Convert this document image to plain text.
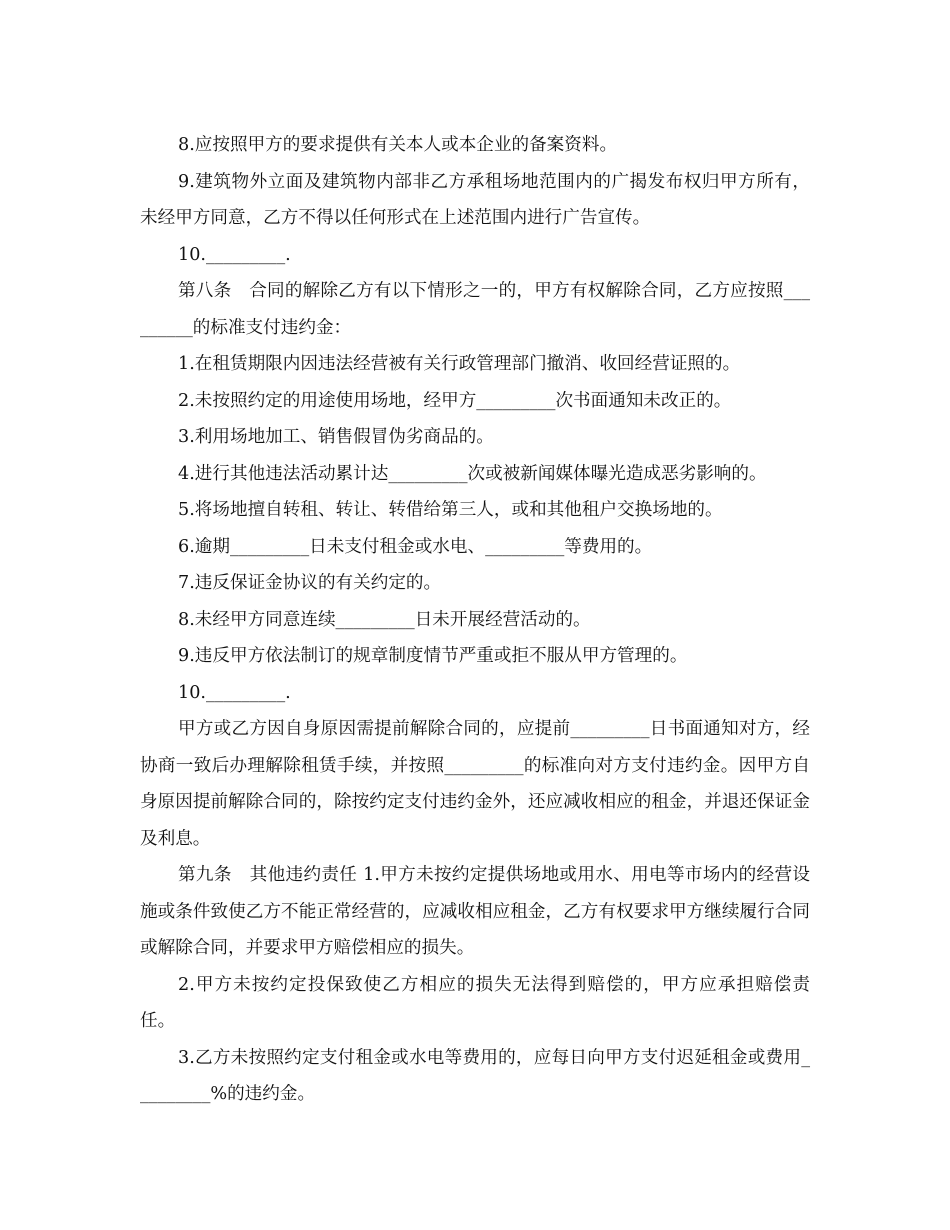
8.应按照甲方的要求提供有关本人或本企业的备案资料。

9.建筑物外立面及建筑物内部非乙方承租场地范围内的广揭发布权归甲方所有，未经甲方同意，乙方不得以任何形式在上述范围内进行广告宣传。

10._________.

第八条　合同的解除乙方有以下情形之一的，甲方有权解除合同，乙方应按照_________的标准支付违约金：

1.在租赁期限内因违法经营被有关行政管理部门撤消、收回经营证照的。

2.未按照约定的用途使用场地，经甲方_________次书面通知未改正的。

3.利用场地加工、销售假冒伪劣商品的。

4.进行其他违法活动累计达_________次或被新闻媒体曝光造成恶劣影响的。

5.将场地擅自转租、转让、转借给第三人，或和其他租户交换场地的。

6.逾期_________日未支付租金或水电、_________等费用的。

7.违反保证金协议的有关约定的。

8.未经甲方同意连续_________日未开展经营活动的。

9.违反甲方依法制订的规章制度情节严重或拒不服从甲方管理的。

10._________.

甲方或乙方因自身原因需提前解除合同的，应提前_________日书面通知对方，经协商一致后办理解除租赁手续，并按照_________的标准向对方支付违约金。因甲方自身原因提前解除合同的，除按约定支付违约金外，还应减收相应的租金，并退还保证金及利息。

第九条　其他违约责任 1.甲方未按约定提供场地或用水、用电等市场内的经营设施或条件致使乙方不能正常经营的，应减收相应租金，乙方有权要求甲方继续履行合同或解除合同，并要求甲方赔偿相应的损失。

2.甲方未按约定投保致使乙方相应的损失无法得到赔偿的，甲方应承担赔偿责任。

3.乙方未按照约定支付租金或水电等费用的，应每日向甲方支付迟延租金或费用_________%的违约金。
